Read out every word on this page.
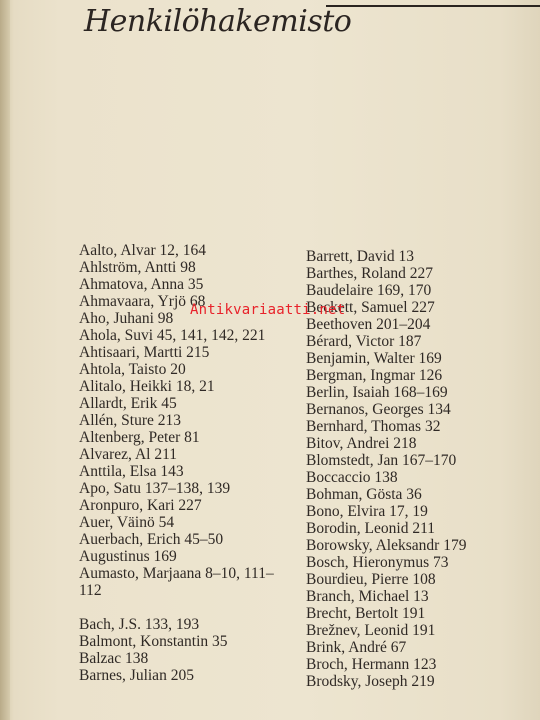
Henkilöhakemisto
Aalto, Alvar 12, 164
Ahlström, Antti 98
Ahmatova, Anna 35
Ahmavaara, Yrjö 68
Aho, Juhani 98
Ahola, Suvi 45, 141, 142, 221
Ahtisaari, Martti 215
Ahtola, Taisto 20
Alitalo, Heikki 18, 21
Allardt, Erik 45
Allén, Sture 213
Altenberg, Peter 81
Alvarez, Al 211
Anttila, Elsa 143
Apo, Satu 137–138, 139
Aronpuro, Kari 227
Auer, Väinö 54
Auerbach, Erich 45–50
Augustinus 169
Aumasto, Marjaana 8–10, 111–
112
Bach, J.S. 133, 193
Balmont, Konstantin 35
Balzac 138
Barnes, Julian 205
Barrett, David 13
Barthes, Roland 227
Baudelaire 169, 170
Beckett, Samuel 227
Beethoven 201–204
Bérard, Victor 187
Benjamin, Walter 169
Bergman, Ingmar 126
Berlin, Isaiah 168–169
Bernanos, Georges 134
Bernhard, Thomas 32
Bitov, Andrei 218
Blomstedt, Jan 167–170
Boccaccio 138
Bohman, Gösta 36
Bono, Elvira 17, 19
Borodin, Leonid 211
Borowsky, Aleksandr 179
Bosch, Hieronymus 73
Bourdieu, Pierre 108
Branch, Michael 13
Brecht, Bertolt 191
Brežnev, Leonid 191
Brink, André 67
Broch, Hermann 123
Brodsky, Joseph 219
Antikvariaatti.net
